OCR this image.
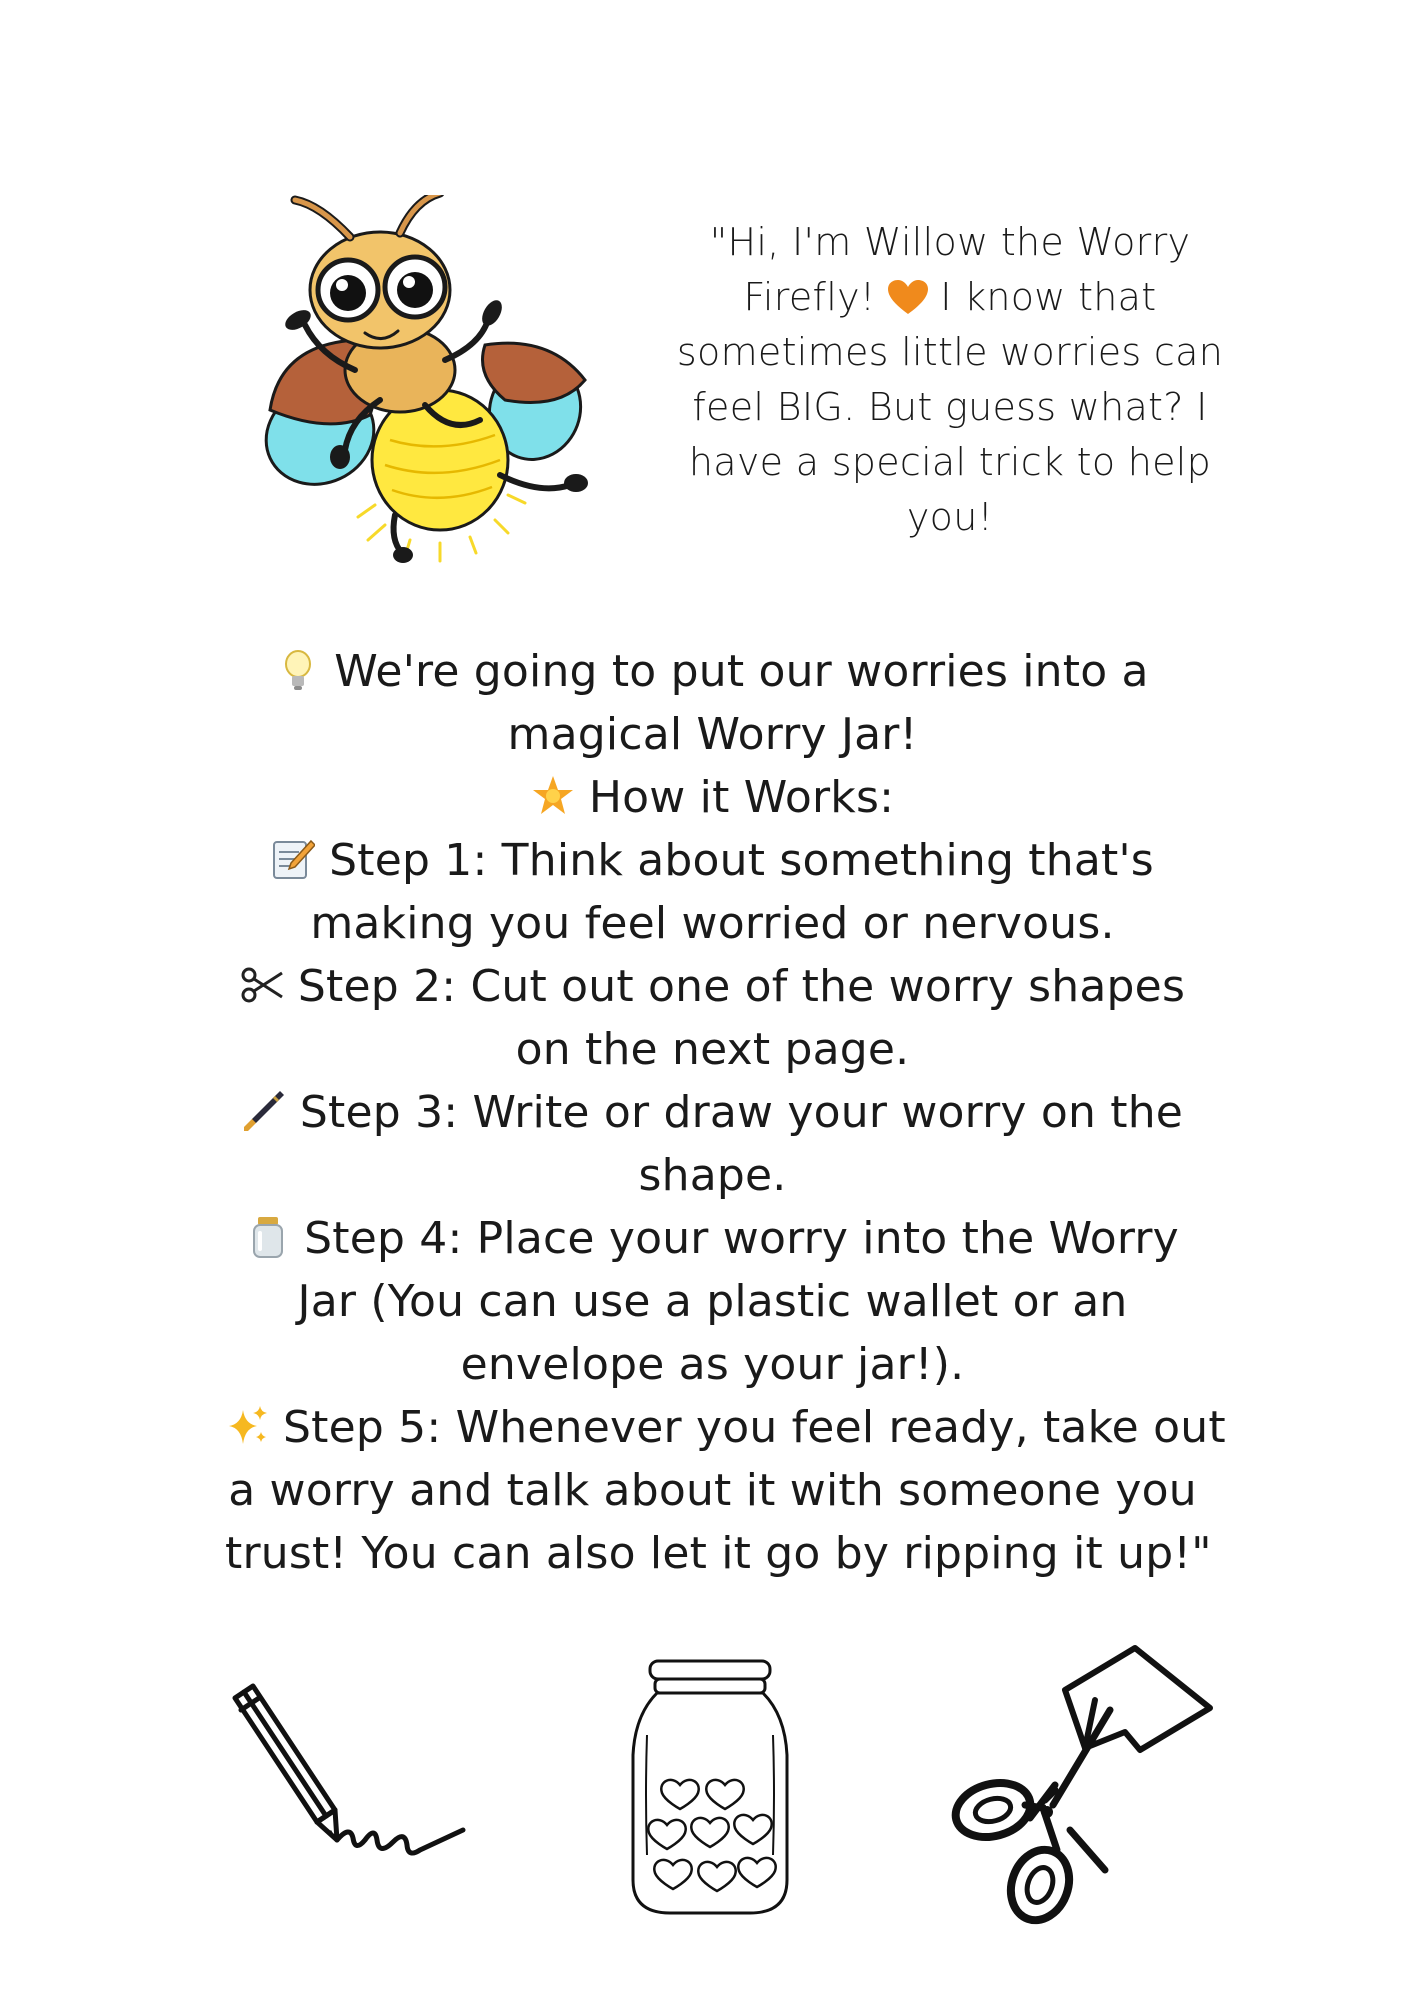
"Hi, I'm Willow the Worry
Firefly! I know that
sometimes little worries can
feel BIG. But guess what? I
have a special trick to help
you!
We're going to put our worries into a
magical Worry Jar!
How it Works:
Step 1: Think about something that's
making you feel worried or nervous.
Step 2: Cut out one of the worry shapes
on the next page.
Step 3: Write or draw your worry on the
shape.
Step 4: Place your worry into the Worry
Jar (You can use a plastic wallet or an
envelope as your jar!).
Step 5: Whenever you feel ready, take out
a worry and talk about it with someone you
trust! You can also let it go by ripping it up!"
